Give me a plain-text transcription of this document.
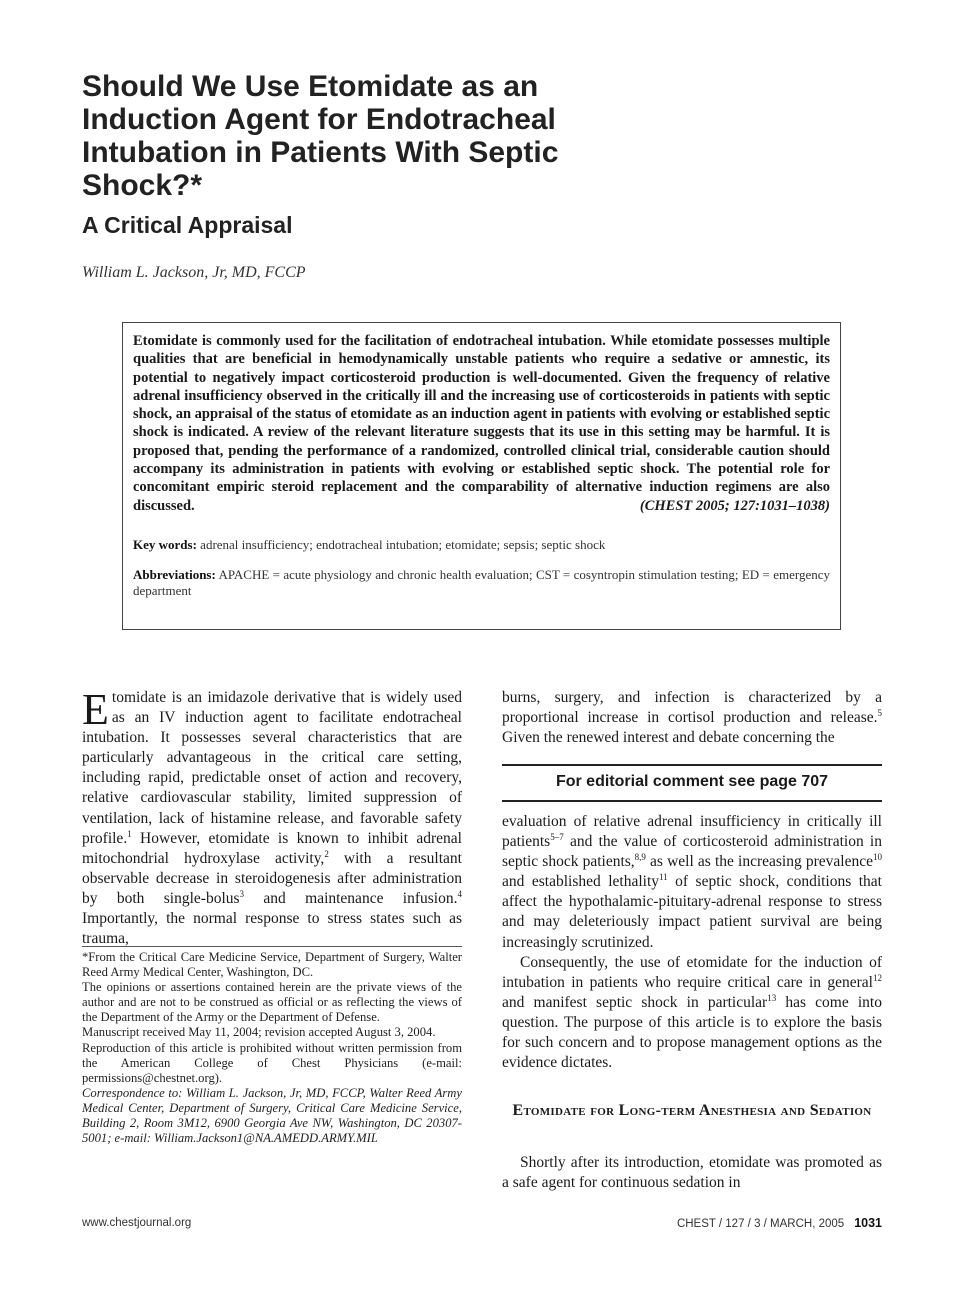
Should We Use Etomidate as an Induction Agent for Endotracheal Intubation in Patients With Septic Shock?*
A Critical Appraisal
William L. Jackson, Jr, MD, FCCP

Etomidate is commonly used for the facilitation of endotracheal intubation. While etomidate possesses multiple qualities that are beneficial in hemodynamically unstable patients who require a sedative or amnestic, its potential to negatively impact corticosteroid production is well-documented. Given the frequency of relative adrenal insufficiency observed in the critically ill and the increasing use of corticosteroids in patients with septic shock, an appraisal of the status of etomidate as an induction agent in patients with evolving or established septic shock is indicated. A review of the relevant literature suggests that its use in this setting may be harmful. It is proposed that, pending the performance of a randomized, controlled clinical trial, considerable caution should accompany its administration in patients with evolving or established septic shock. The potential role for concomitant empiric steroid replacement and the comparability of alternative induction regimens are also discussed.	(CHEST 2005; 127:1031–1038)

Key words: adrenal insufficiency; endotracheal intubation; etomidate; sepsis; septic shock

Abbreviations: APACHE = acute physiology and chronic health evaluation; CST = cosyntropin stimulation testing; ED = emergency department

Etomidate is an imidazole derivative that is widely used as an IV induction agent to facilitate endotracheal intubation. It possesses several characteristics that are particularly advantageous in the critical care setting, including rapid, predictable onset of action and recovery, relative cardiovascular stability, limited suppression of ventilation, lack of histamine release, and favorable safety profile.$^1$ However, etomidate is known to inhibit adrenal mitochondrial hydroxylase activity,$^2$ with a resultant observable decrease in steroidogenesis after administration by both single-bolus$^3$ and maintenance infusion.$^4$ Importantly, the normal response to stress states such as trauma,

burns, surgery, and infection is characterized by a proportional increase in cortisol production and release.$^5$ Given the renewed interest and debate concerning the

For editorial comment see page 707

evaluation of relative adrenal insufficiency in critically ill patients$^{5-7}$ and the value of corticosteroid administration in septic shock patients,$^{8,9}$ as well as the increasing prevalence$^{10}$ and established lethality$^{11}$ of septic shock, conditions that affect the hypothalamic-pituitary-adrenal response to stress and may deleteriously impact patient survival are being increasingly scrutinized.

Consequently, the use of etomidate for the induction of intubation in patients who require critical care in general$^{12}$ and manifest septic shock in particular$^{13}$ has come into question. The purpose of this article is to explore the basis for such concern and to propose management options as the evidence dictates.

Etomidate for Long-term Anesthesia and Sedation

Shortly after its introduction, etomidate was promoted as a safe agent for continuous sedation in

*From the Critical Care Medicine Service, Department of Surgery, Walter Reed Army Medical Center, Washington, DC.

The opinions or assertions contained herein are the private views of the author and are not to be construed as official or as reflecting the views of the Department of the Army or the Department of Defense.

Manuscript received May 11, 2004; revision accepted August 3, 2004.

Reproduction of this article is prohibited without written permission from the American College of Chest Physicians (e-mail: permissions@chestnet.org).

Correspondence to: William L. Jackson, Jr, MD, FCCP, Walter Reed Army Medical Center, Department of Surgery, Critical Care Medicine Service, Building 2, Room 3M12, 6900 Georgia Ave NW, Washington, DC 20307-5001; e-mail: William.Jackson1@NA.AMEDD.ARMY.MIL

www.chestjournal.org	CHEST / 127 / 3 / MARCH, 2005 1031
